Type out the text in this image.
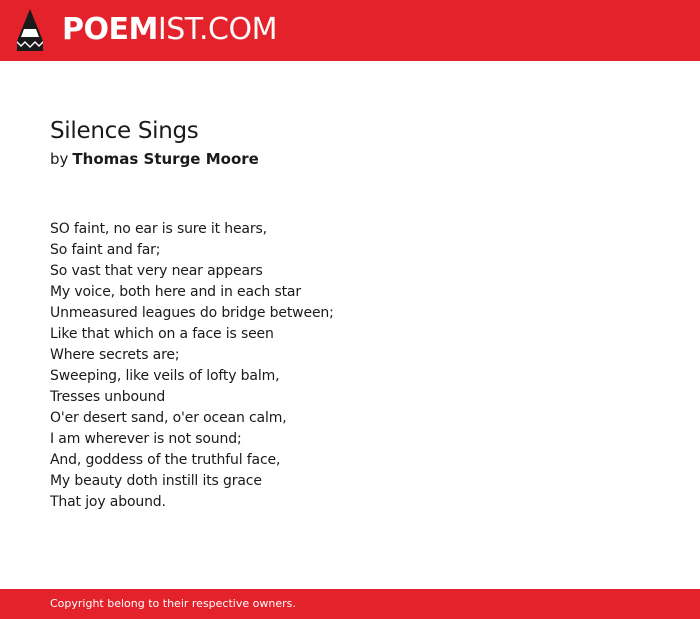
POEMIST.COM
Silence Sings
by Thomas Sturge Moore
SO faint, no ear is sure it hears,
So faint and far;
So vast that very near appears
My voice, both here and in each star
Unmeasured leagues do bridge between;
Like that which on a face is seen
Where secrets are;
Sweeping, like veils of lofty balm,
Tresses unbound
O'er desert sand, o'er ocean calm,
I am wherever is not sound;
And, goddess of the truthful face,
My beauty doth instill its grace
That joy abound.
Copyright belong to their respective owners.
